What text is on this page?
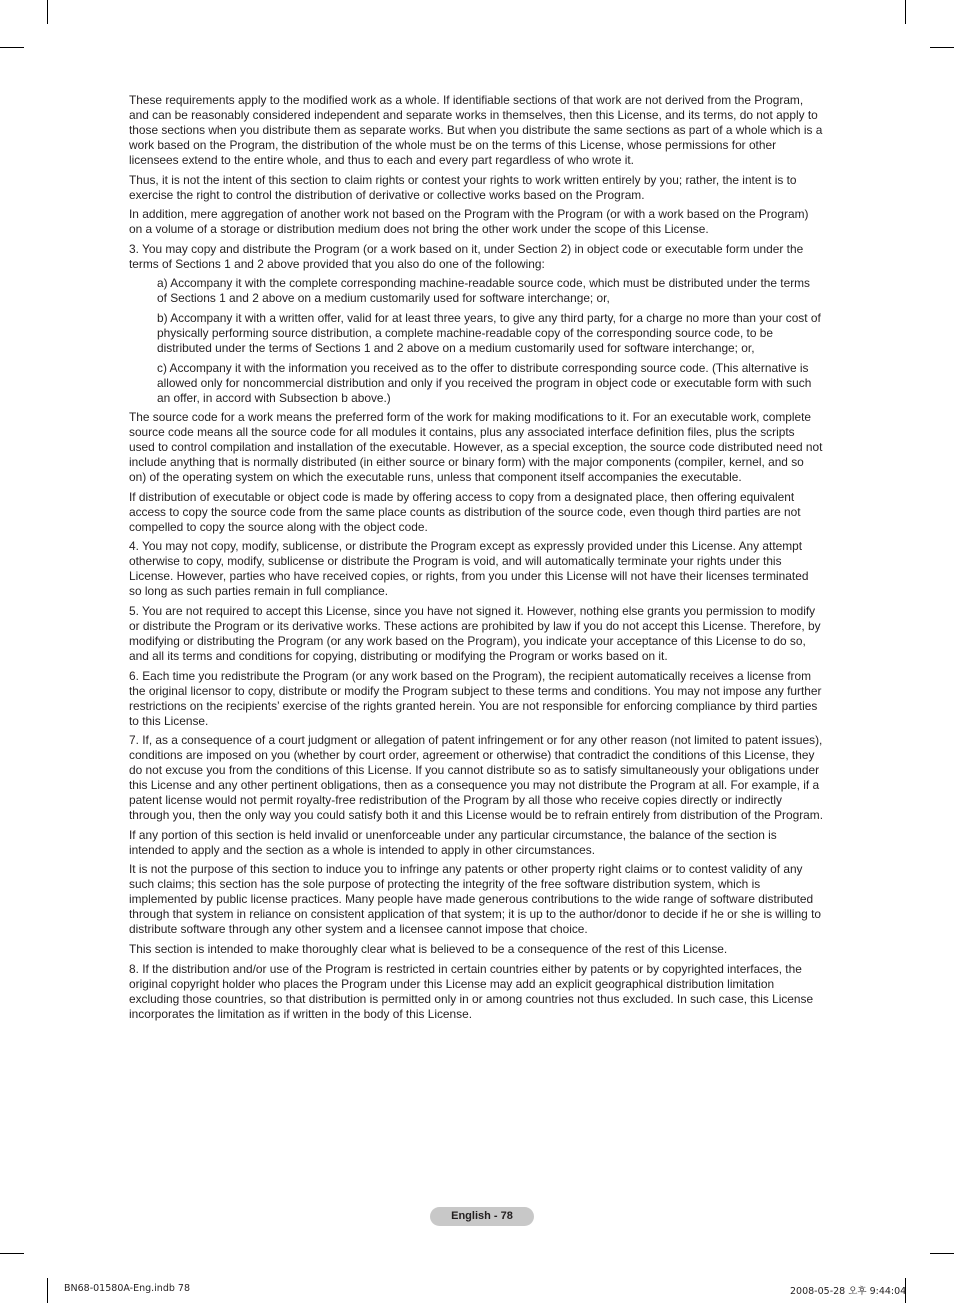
These requirements apply to the modified work as a whole. If identifiable sections of that work are not derived from the Program, and can be reasonably considered independent and separate works in themselves, then this License, and its terms, do not apply to those sections when you distribute them as separate works. But when you distribute the same sections as part of a whole which is a work based on the Program, the distribution of the whole must be on the terms of this License, whose permissions for other licensees extend to the entire whole, and thus to each and every part regardless of who wrote it.

Thus, it is not the intent of this section to claim rights or contest your rights to work written entirely by you; rather, the intent is to exercise the right to control the distribution of derivative or collective works based on the Program.

In addition, mere aggregation of another work not based on the Program with the Program (or with a work based on the Program) on a volume of a storage or distribution medium does not bring the other work under the scope of this License.

3. You may copy and distribute the Program (or a work based on it, under Section 2) in object code or executable form under the terms of Sections 1 and 2 above provided that you also do one of the following:

a) Accompany it with the complete corresponding machine-readable source code, which must be distributed under the terms of Sections 1 and 2 above on a medium customarily used for software interchange; or,

b) Accompany it with a written offer, valid for at least three years, to give any third party, for a charge no more than your cost of physically performing source distribution, a complete machine-readable copy of the corresponding source code, to be distributed under the terms of Sections 1 and 2 above on a medium customarily used for software interchange; or,

c) Accompany it with the information you received as to the offer to distribute corresponding source code. (This alternative is allowed only for noncommercial distribution and only if you received the program in object code or executable form with such an offer, in accord with Subsection b above.)

The source code for a work means the preferred form of the work for making modifications to it. For an executable work, complete source code means all the source code for all modules it contains, plus any associated interface definition files, plus the scripts used to control compilation and installation of the executable. However, as a special exception, the source code distributed need not include anything that is normally distributed (in either source or binary form) with the major components (compiler, kernel, and so on) of the operating system on which the executable runs, unless that component itself accompanies the executable.

If distribution of executable or object code is made by offering access to copy from a designated place, then offering equivalent access to copy the source code from the same place counts as distribution of the source code, even though third parties are not compelled to copy the source along with the object code.

4. You may not copy, modify, sublicense, or distribute the Program except as expressly provided under this License. Any attempt otherwise to copy, modify, sublicense or distribute the Program is void, and will automatically terminate your rights under this License. However, parties who have received copies, or rights, from you under this License will not have their licenses terminated so long as such parties remain in full compliance.

5. You are not required to accept this License, since you have not signed it. However, nothing else grants you permission to modify or distribute the Program or its derivative works. These actions are prohibited by law if you do not accept this License. Therefore, by modifying or distributing the Program (or any work based on the Program), you indicate your acceptance of this License to do so, and all its terms and conditions for copying, distributing or modifying the Program or works based on it.

6. Each time you redistribute the Program (or any work based on the Program), the recipient automatically receives a license from the original licensor to copy, distribute or modify the Program subject to these terms and conditions. You may not impose any further restrictions on the recipients’ exercise of the rights granted herein. You are not responsible for enforcing compliance by third parties to this License.

7. If, as a consequence of a court judgment or allegation of patent infringement or for any other reason (not limited to patent issues), conditions are imposed on you (whether by court order, agreement or otherwise) that contradict the conditions of this License, they do not excuse you from the conditions of this License. If you cannot distribute so as to satisfy simultaneously your obligations under this License and any other pertinent obligations, then as a consequence you may not distribute the Program at all. For example, if a patent license would not permit royalty-free redistribution of the Program by all those who receive copies directly or indirectly through you, then the only way you could satisfy both it and this License would be to refrain entirely from distribution of the Program.

If any portion of this section is held invalid or unenforceable under any particular circumstance, the balance of the section is intended to apply and the section as a whole is intended to apply in other circumstances.

It is not the purpose of this section to induce you to infringe any patents or other property right claims or to contest validity of any such claims; this section has the sole purpose of protecting the integrity of the free software distribution system, which is implemented by public license practices. Many people have made generous contributions to the wide range of software distributed through that system in reliance on consistent application of that system; it is up to the author/donor to decide if he or she is willing to distribute software through any other system and a licensee cannot impose that choice.

This section is intended to make thoroughly clear what is believed to be a consequence of the rest of this License.

8. If the distribution and/or use of the Program is restricted in certain countries either by patents or by copyrighted interfaces, the original copyright holder who places the Program under this License may add an explicit geographical distribution limitation excluding those countries, so that distribution is permitted only in or among countries not thus excluded. In such case, this License incorporates the limitation as if written in the body of this License.

English - 78
BN68-01580A-Eng.indb 78	2008-05-28 오후 9:44:04
